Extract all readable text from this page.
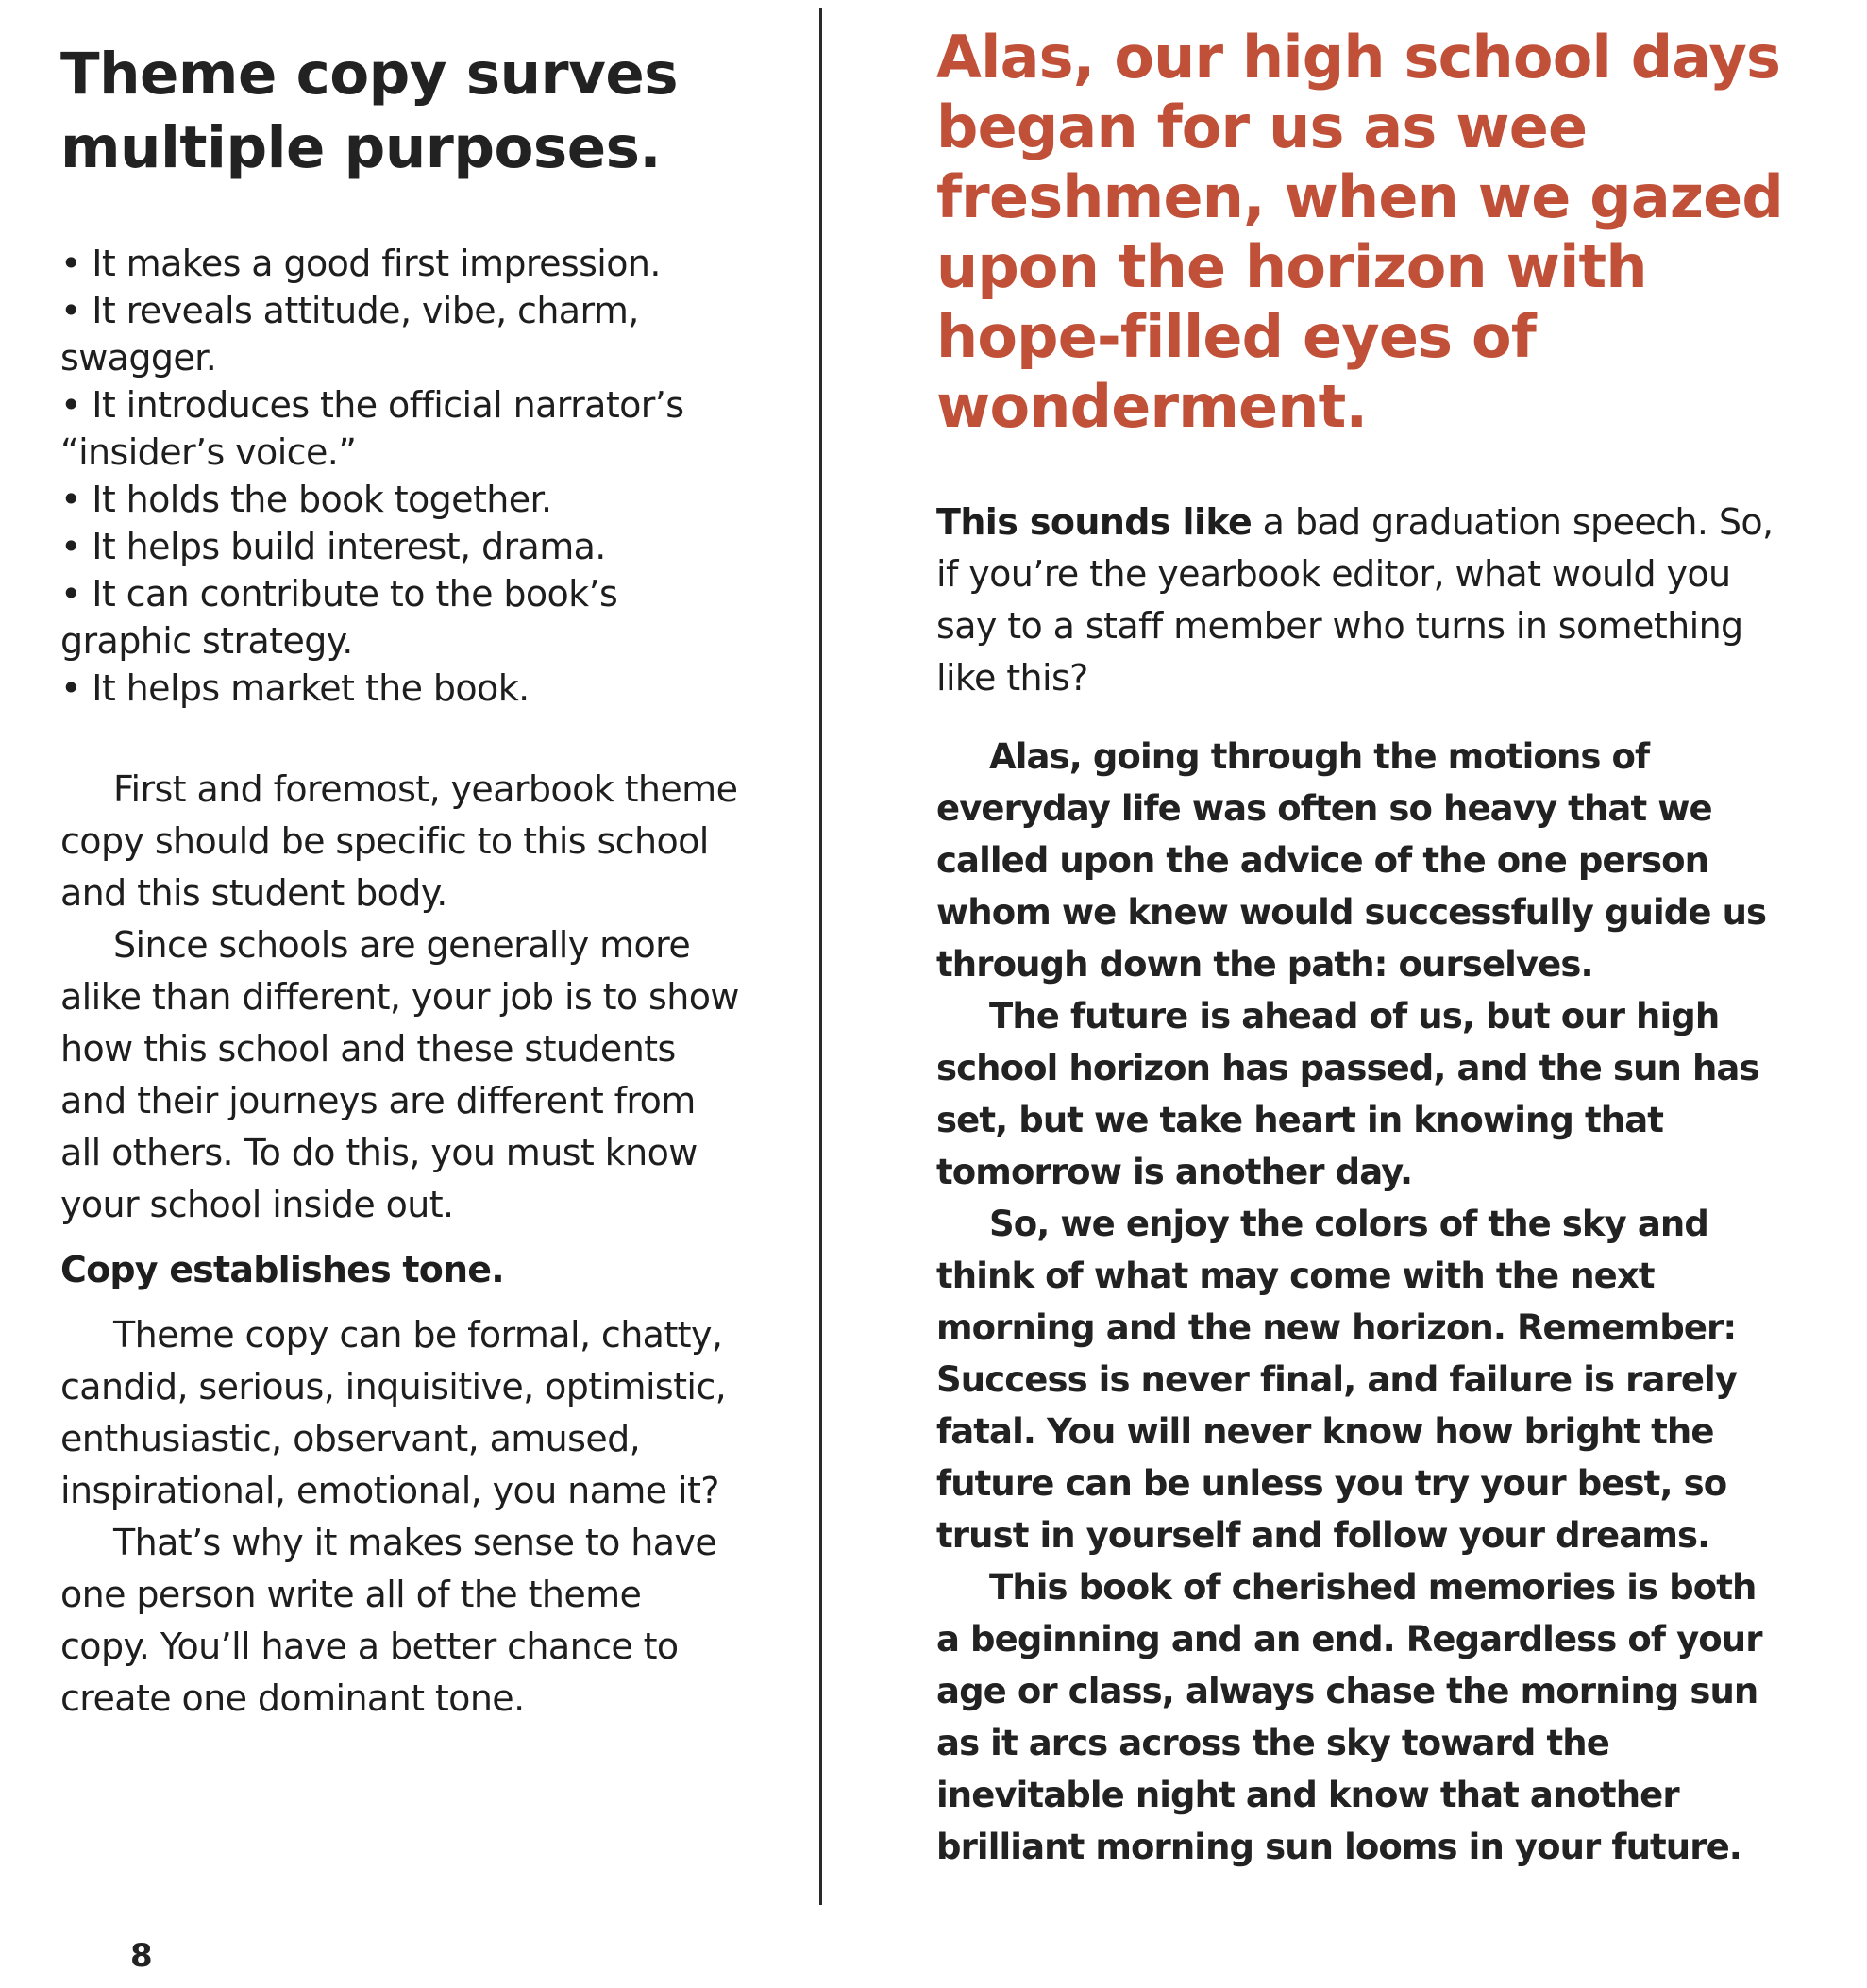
Theme copy surves multiple purposes.
• It makes a good first impression.
• It reveals attitude, vibe, charm, swagger.
• It introduces the official narrator’s “insider’s voice.”
• It holds the book together.
• It helps build interest, drama.
• It can contribute to the book’s graphic strategy.
• It helps market the book.

First and foremost, yearbook theme copy should be specific to this school and this student body.

Since schools are generally more alike than different, your job is to show how this school and these students and their journeys are different from all others. To do this, you must know your school inside out.

Copy establishes tone.

Theme copy can be formal, chatty, candid, serious, inquisitive, optimistic, enthusiastic, observant, amused, inspirational, emotional, you name it?

That’s why it makes sense to have one person write all of the theme copy. You’ll have a better chance to create one dominant tone.

Alas, our high school days began for us as wee freshmen, when we gazed upon the horizon with hope-filled eyes of wonderment.

This sounds like a bad graduation speech. So, if you’re the yearbook editor, what would you say to a staff member who turns in something like this?

Alas, going through the motions of everyday life was often so heavy that we called upon the advice of the one person whom we knew would successfully guide us through down the path: ourselves.

The future is ahead of us, but our high school horizon has passed, and the sun has set, but we take heart in knowing that tomorrow is another day.

So, we enjoy the colors of the sky and think of what may come with the next morning and the new horizon. Remember: Success is never final, and failure is rarely fatal. You will never know how bright the future can be unless you try your best, so trust in yourself and follow your dreams.

This book of cherished memories is both a beginning and an end. Regardless of your age or class, always chase the morning sun as it arcs across the sky toward the inevitable night and know that another brilliant morning sun looms in your future.

8
